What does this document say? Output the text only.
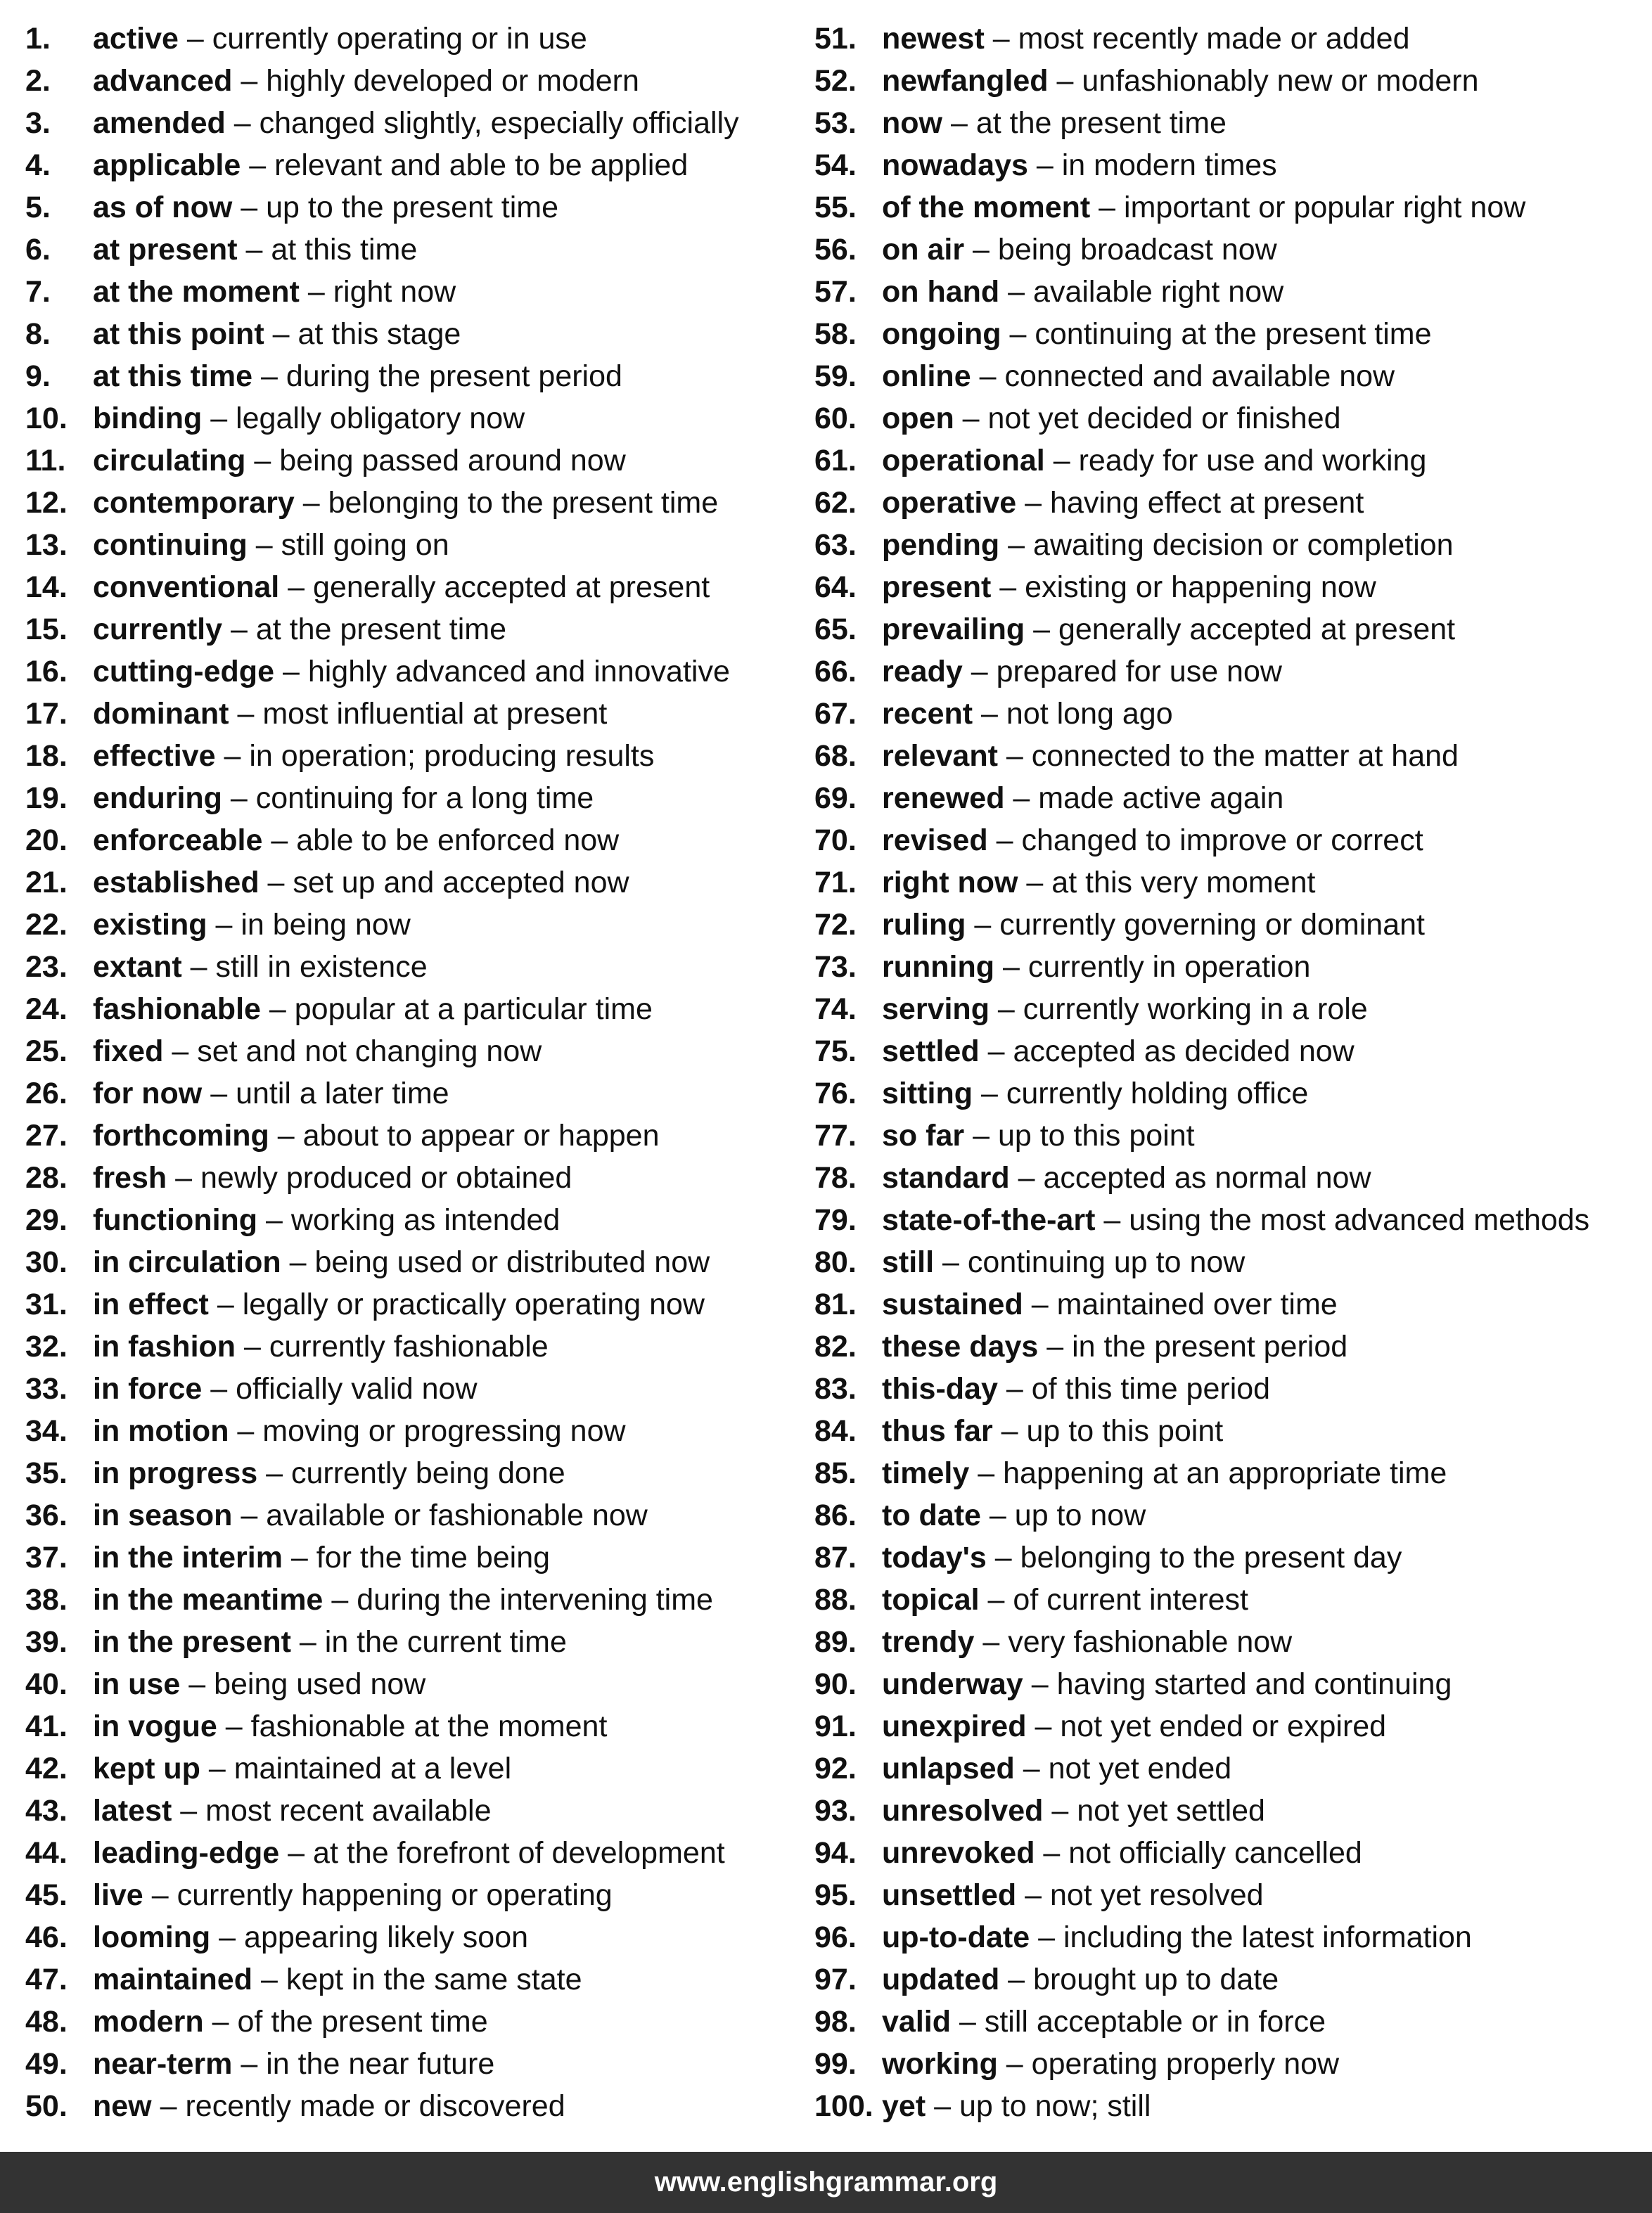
1. active – currently operating or in use
2. advanced – highly developed or modern
3. amended – changed slightly, especially officially
4. applicable – relevant and able to be applied
5. as of now – up to the present time
6. at present – at this time
7. at the moment – right now
8. at this point – at this stage
9. at this time – during the present period
10. binding – legally obligatory now
11. circulating – being passed around now
12. contemporary – belonging to the present time
13. continuing – still going on
14. conventional – generally accepted at present
15. currently – at the present time
16. cutting-edge – highly advanced and innovative
17. dominant – most influential at present
18. effective – in operation; producing results
19. enduring – continuing for a long time
20. enforceable – able to be enforced now
21. established – set up and accepted now
22. existing – in being now
23. extant – still in existence
24. fashionable – popular at a particular time
25. fixed – set and not changing now
26. for now – until a later time
27. forthcoming – about to appear or happen
28. fresh – newly produced or obtained
29. functioning – working as intended
30. in circulation – being used or distributed now
31. in effect – legally or practically operating now
32. in fashion – currently fashionable
33. in force – officially valid now
34. in motion – moving or progressing now
35. in progress – currently being done
36. in season – available or fashionable now
37. in the interim – for the time being
38. in the meantime – during the intervening time
39. in the present – in the current time
40. in use – being used now
41. in vogue – fashionable at the moment
42. kept up – maintained at a level
43. latest – most recent available
44. leading-edge – at the forefront of development
45. live – currently happening or operating
46. looming – appearing likely soon
47. maintained – kept in the same state
48. modern – of the present time
49. near-term – in the near future
50. new – recently made or discovered
51. newest – most recently made or added
52. newfangled – unfashionably new or modern
53. now – at the present time
54. nowadays – in modern times
55. of the moment – important or popular right now
56. on air – being broadcast now
57. on hand – available right now
58. ongoing – continuing at the present time
59. online – connected and available now
60. open – not yet decided or finished
61. operational – ready for use and working
62. operative – having effect at present
63. pending – awaiting decision or completion
64. present – existing or happening now
65. prevailing – generally accepted at present
66. ready – prepared for use now
67. recent – not long ago
68. relevant – connected to the matter at hand
69. renewed – made active again
70. revised – changed to improve or correct
71. right now – at this very moment
72. ruling – currently governing or dominant
73. running – currently in operation
74. serving – currently working in a role
75. settled – accepted as decided now
76. sitting – currently holding office
77. so far – up to this point
78. standard – accepted as normal now
79. state-of-the-art – using the most advanced methods
80. still – continuing up to now
81. sustained – maintained over time
82. these days – in the present period
83. this-day – of this time period
84. thus far – up to this point
85. timely – happening at an appropriate time
86. to date – up to now
87. today's – belonging to the present day
88. topical – of current interest
89. trendy – very fashionable now
90. underway – having started and continuing
91. unexpired – not yet ended or expired
92. unlapsed – not yet ended
93. unresolved – not yet settled
94. unrevoked – not officially cancelled
95. unsettled – not yet resolved
96. up-to-date – including the latest information
97. updated – brought up to date
98. valid – still acceptable or in force
99. working – operating properly now
100. yet – up to now; still
www.englishgrammar.org
